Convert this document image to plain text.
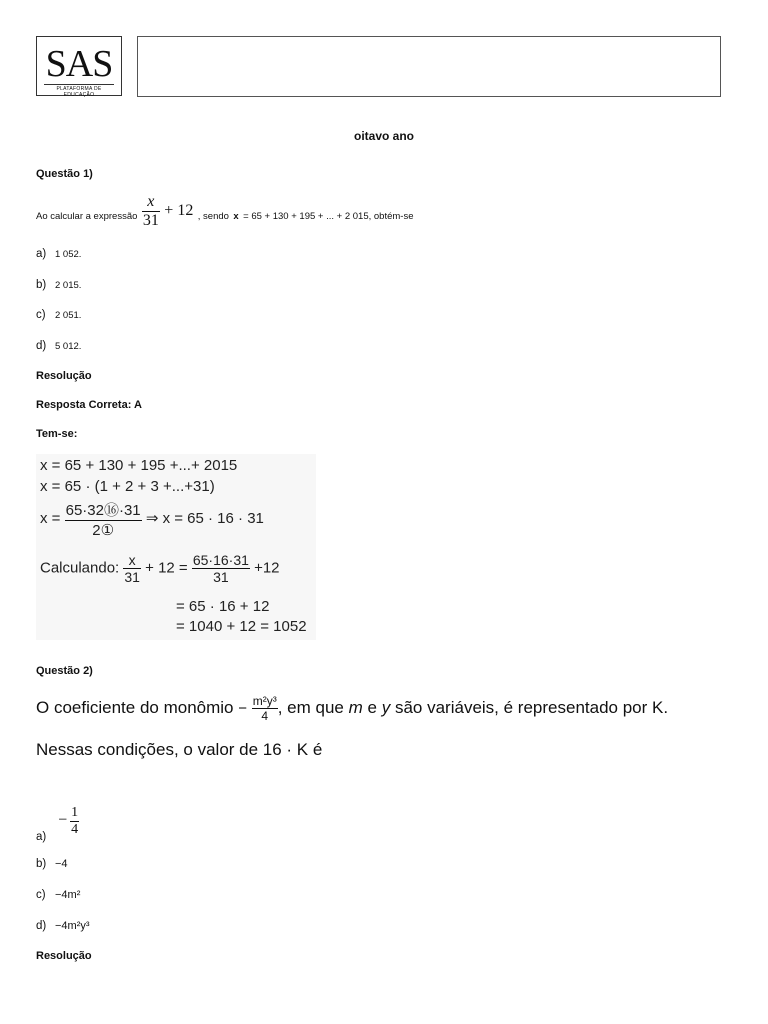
SAS
PLATAFORMA DE EDUCAÇÃO
oitavo ano
Questão 1)
Ao calcular a expressão $\frac{x}{31} + 12$ , sendo x = 65 + 130 + 195 + ... + 2 015, obtém-se
a) 1 052.
b) 2 015.
c) 2 051.
d) 5 012.
Resolução
Resposta Correta: A
Tem-se:
x = 65 + 130 + 195 +...+ 2015
x = 65 · (1 + 2 + 3 +...+31)
$x = \frac{\text{65·32⑯·31}}{\text{2①}}$ ⇒ x = 65 · 16 · 31
Calculando: $\frac{x}{31} + 12 = \frac{65\cdot 16\cdot 31}{31} +12$
= 65 · 16 + 12
= 1040 + 12 = 1052
Questão 2)
O coeficiente do monômio − $\frac{\text{m²y³}}{4}$ , em que m e y são variáveis, é representado por K.
Nessas condições, o valor de 16 · K é
$a) - \frac{1}{4}$
b) −4
c) −4m²
d) −4m²y³
Resolução
